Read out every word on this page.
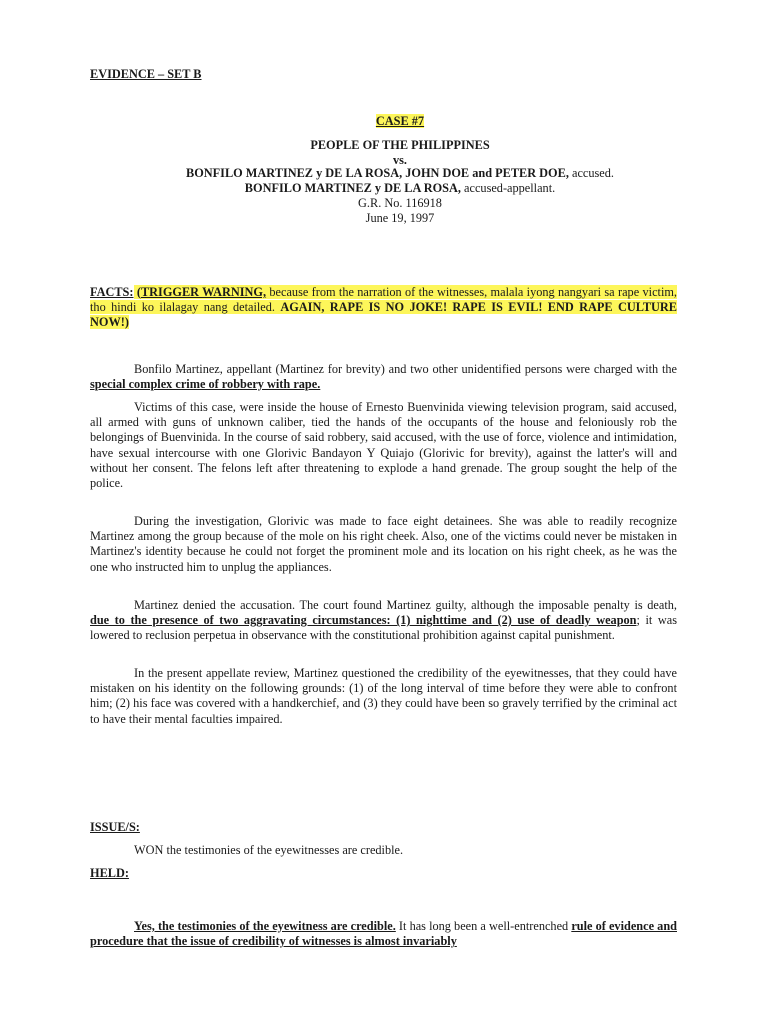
EVIDENCE – SET B
CASE #7
PEOPLE OF THE PHILIPPINES
vs.
BONFILO MARTINEZ y DE LA ROSA, JOHN DOE and PETER DOE, accused.
BONFILO MARTINEZ y DE LA ROSA, accused-appellant.
G.R. No. 116918
June 19, 1997
FACTS: (TRIGGER WARNING, because from the narration of the witnesses, malala iyong nangyari sa rape victim, tho hindi ko ilalagay nang detailed. AGAIN, RAPE IS NO JOKE! RAPE IS EVIL! END RAPE CULTURE NOW!)
Bonfilo Martinez, appellant (Martinez for brevity) and two other unidentified persons were charged with the special complex crime of robbery with rape.
Victims of this case, were inside the house of Ernesto Buenvinida viewing television program, said accused, all armed with guns of unknown caliber, tied the hands of the occupants of the house and feloniously rob the belongings of Buenvinida. In the course of said robbery, said accused, with the use of force, violence and intimidation, have sexual intercourse with one Glorivic Bandayon Y Quiajo (Glorivic for brevity), against the latter's will and without her consent. The felons left after threatening to explode a hand grenade. The group sought the help of the police.
During the investigation, Glorivic was made to face eight detainees. She was able to readily recognize Martinez among the group because of the mole on his right cheek. Also, one of the victims could never be mistaken in Martinez's identity because he could not forget the prominent mole and its location on his right cheek, as he was the one who instructed him to unplug the appliances.
Martinez denied the accusation. The court found Martinez guilty, although the imposable penalty is death, due to the presence of two aggravating circumstances: (1) nighttime and (2) use of deadly weapon; it was lowered to reclusion perpetua in observance with the constitutional prohibition against capital punishment.
In the present appellate review, Martinez questioned the credibility of the eyewitnesses, that they could have mistaken on his identity on the following grounds: (1) of the long interval of time before they were able to confront him; (2) his face was covered with a handkerchief, and (3) they could have been so gravely terrified by the criminal act to have their mental faculties impaired.
ISSUE/S:
WON the testimonies of the eyewitnesses are credible.
HELD:
Yes, the testimonies of the eyewitness are credible. It has long been a well-entrenched rule of evidence and procedure that the issue of credibility of witnesses is almost invariably
